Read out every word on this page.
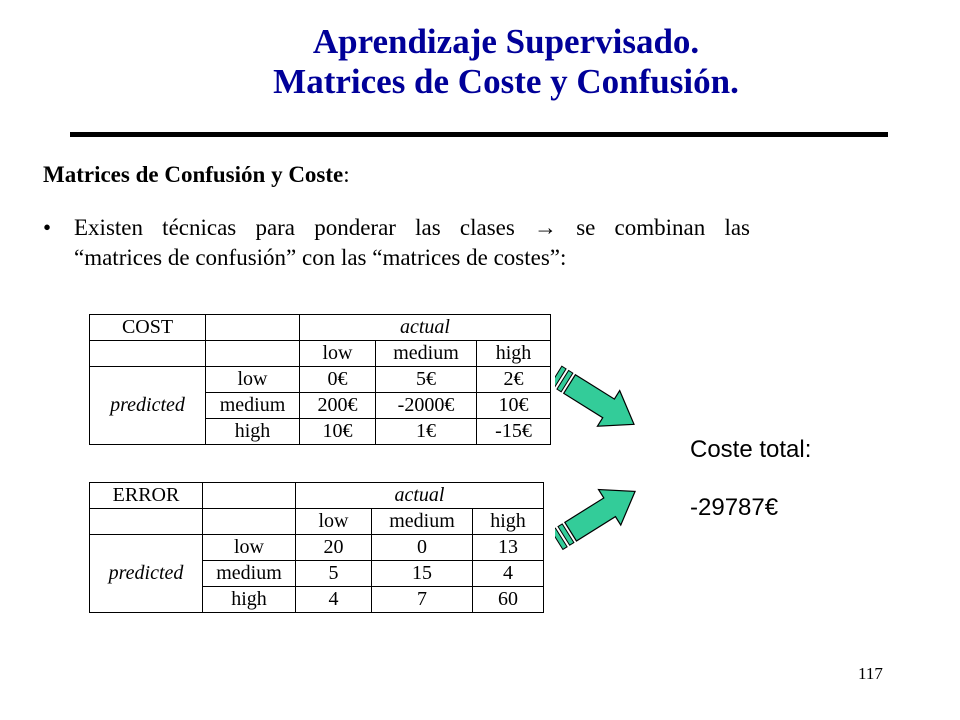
Aprendizaje Supervisado.
Matrices de Coste y Confusión.
Matrices de Confusión y Coste:
• Existen técnicas para ponderar las clases → se combinan las
“matrices de confusión” con las “matrices de costes”:
COST		actual		
		low	medium	high
predicted	low	0€	5€	2€
	medium	200€	-2000€	10€
	high	10€	1€	-15€
ERROR		actual		
		low	medium	high
predicted	low	20	0	13
	medium	5	15	4
	high	4	7	60
Coste total:
-29787€
117
